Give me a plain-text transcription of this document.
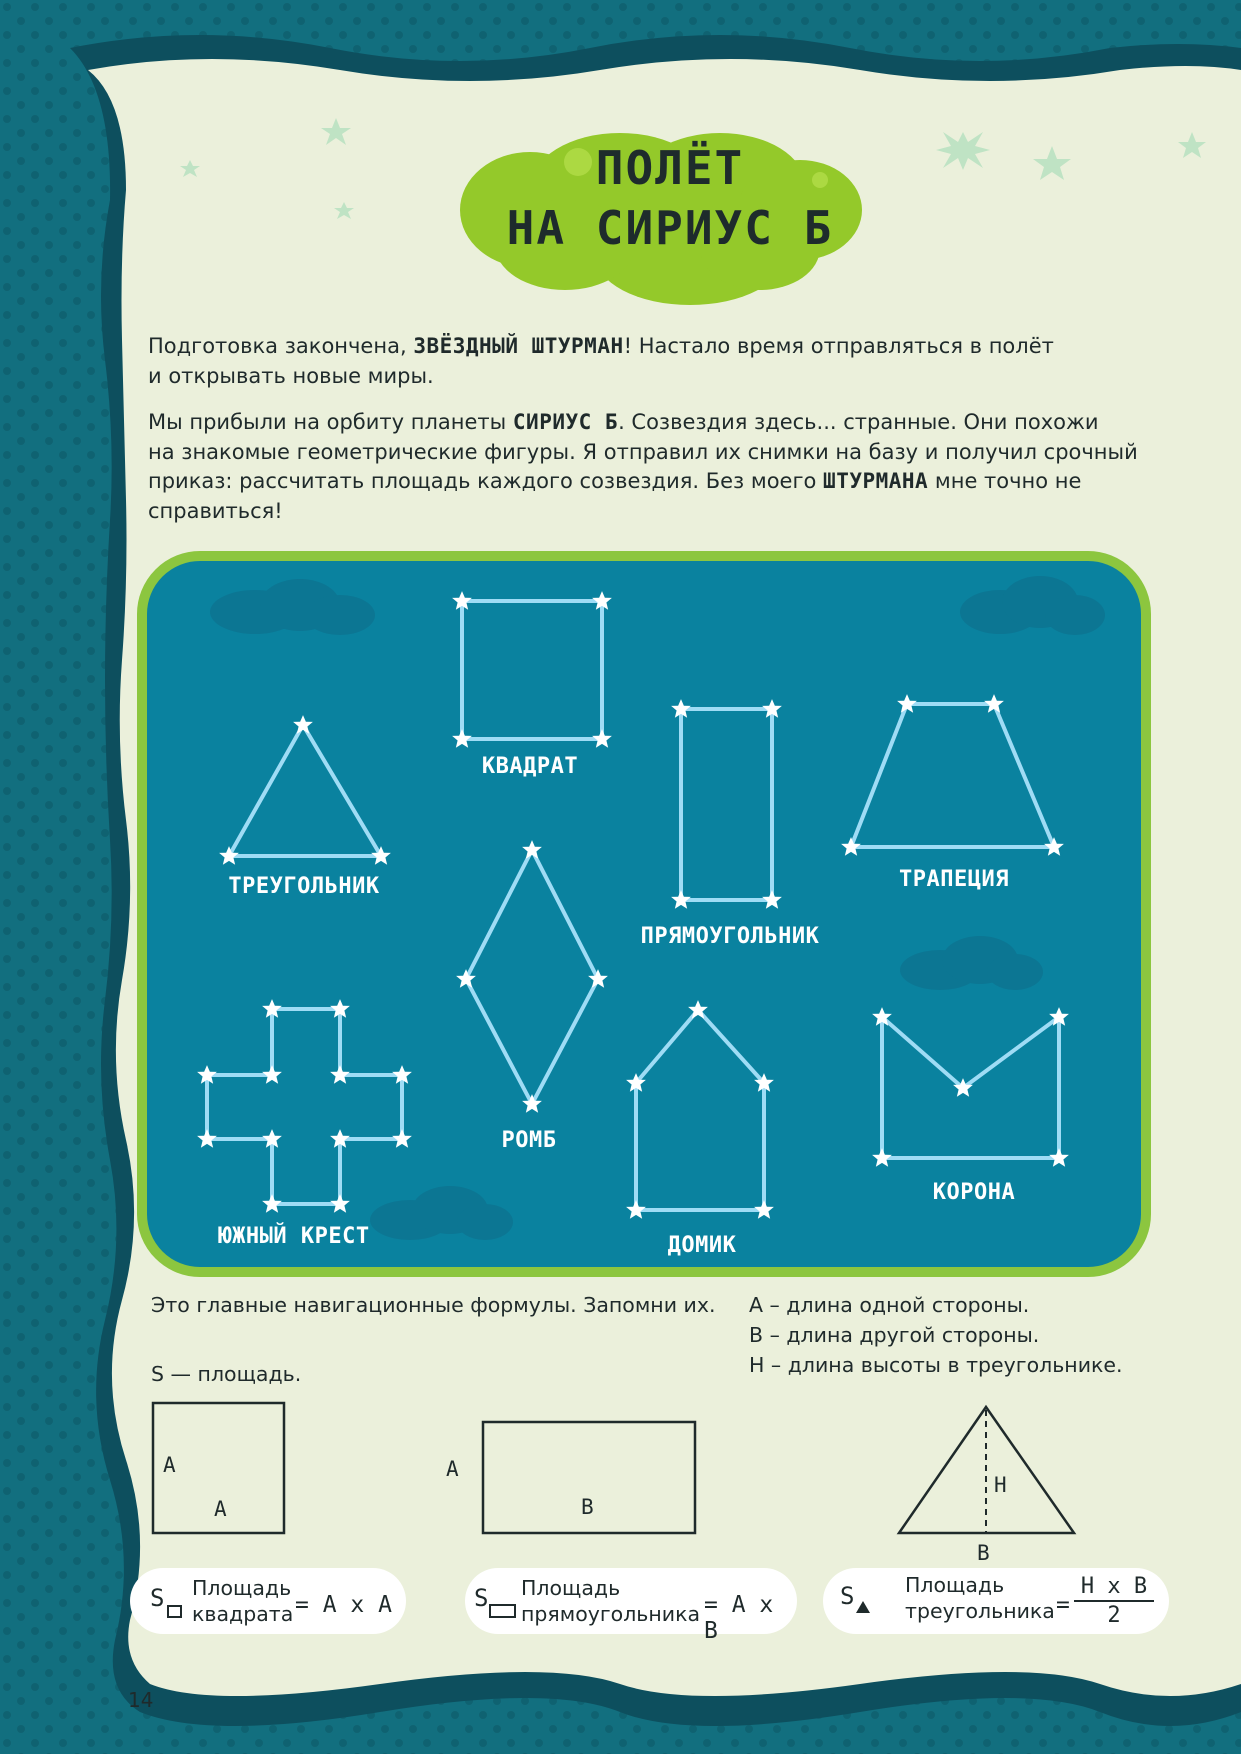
ПОЛЁТ
НА СИРИУС Б

Подготовка закончена, ЗВЁЗДНЫЙ ШТУРМАН! Настало время отправляться в полёт
и открывать новые миры.

Мы прибыли на орбиту планеты СИРИУС Б. Созвездия здесь... странные. Они похожи
на знакомые геометрические фигуры. Я отправил их снимки на базу и получил срочный
приказ: рассчитать площадь каждого созвездия. Без моего ШТУРМАНА мне точно не
справиться!

КВАДРАТ
ТРЕУГОЛЬНИК
ПРЯМОУГОЛЬНИК
ТРАПЕЦИЯ
РОМБ
ЮЖНЫЙ КРЕСТ	ДОМИК
КОРОНА

Это главные навигационные формулы. Запомни их. A – длина одной стороны.
B – длина другой стороны.
H – длина высоты в треугольнике.

S — площадь.

A
A
A
B
H
B
S Площадь
квадрата = A x A	S Площадь
прямоугольника = A x B
S Площадь
треугольника = $\frac{\text{H x B}}{2}$
14
